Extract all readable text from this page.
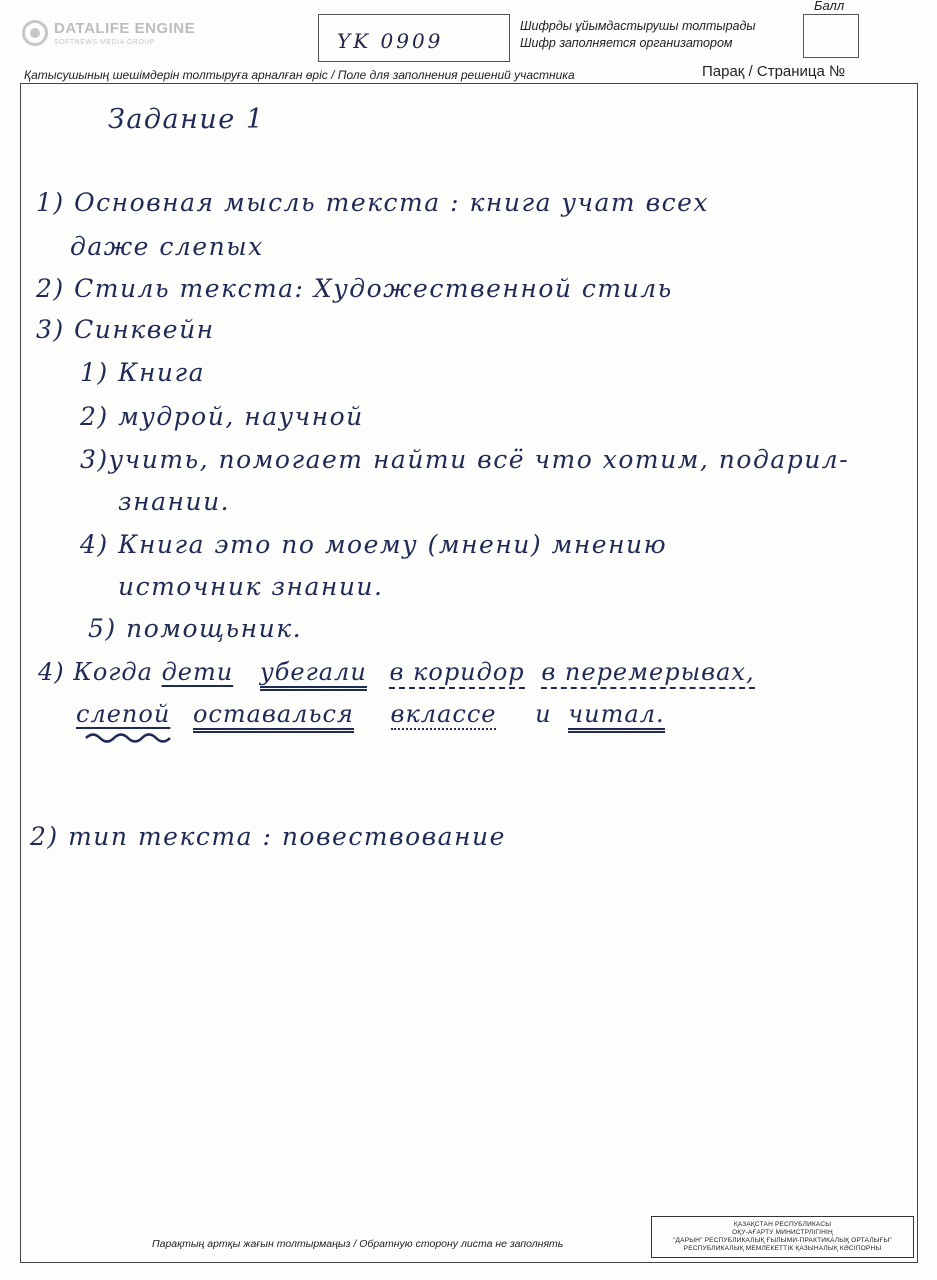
DATALIFE ENGINE
SOFTNEWS MEDIA GROUP	YK 0909
Шифрды ұйымдастырушы толтырады
Шифр заполняется организатором
Балл
Қатысушының шешімдерін толтыруға арналған өріс / Поле для заполнения решений участника	Парақ / Страница №
Задание 1
1) Основная мысль текста : книга учат всех
даже слепых
2) Стиль текста: Художественной стиль
3) Синквейн
1) Книга
2) мудрой, научной
3)учить, помогает найти всё что хотим, подарил-
знании.
4) Книга это по моему (мнени) мнению
источник знании.
5) помощьник.
4) Когда дети убегали в коридор в перемерывах,
слепой оставалься вклассе и читал.
2) тип текста : повествование
Парақтың артқы жағын толтырмаңыз / Обратную сторону листа не заполнять
ҚАЗАҚСТАН РЕСПУБЛИКАСЫ
ОҚУ-АҒАРТУ МИНИСТРЛІГІНІҢ
"ДАРЫН" РЕСПУБЛИКАЛЫҚ ҒЫЛЫМИ-ПРАКТИКАЛЫҚ ОРТАЛЫҒЫ"
РЕСПУБЛИКАЛЫҚ МЕМЛЕКЕТТІК ҚАЗЫНАЛЫҚ КӘСІПОРНЫ
